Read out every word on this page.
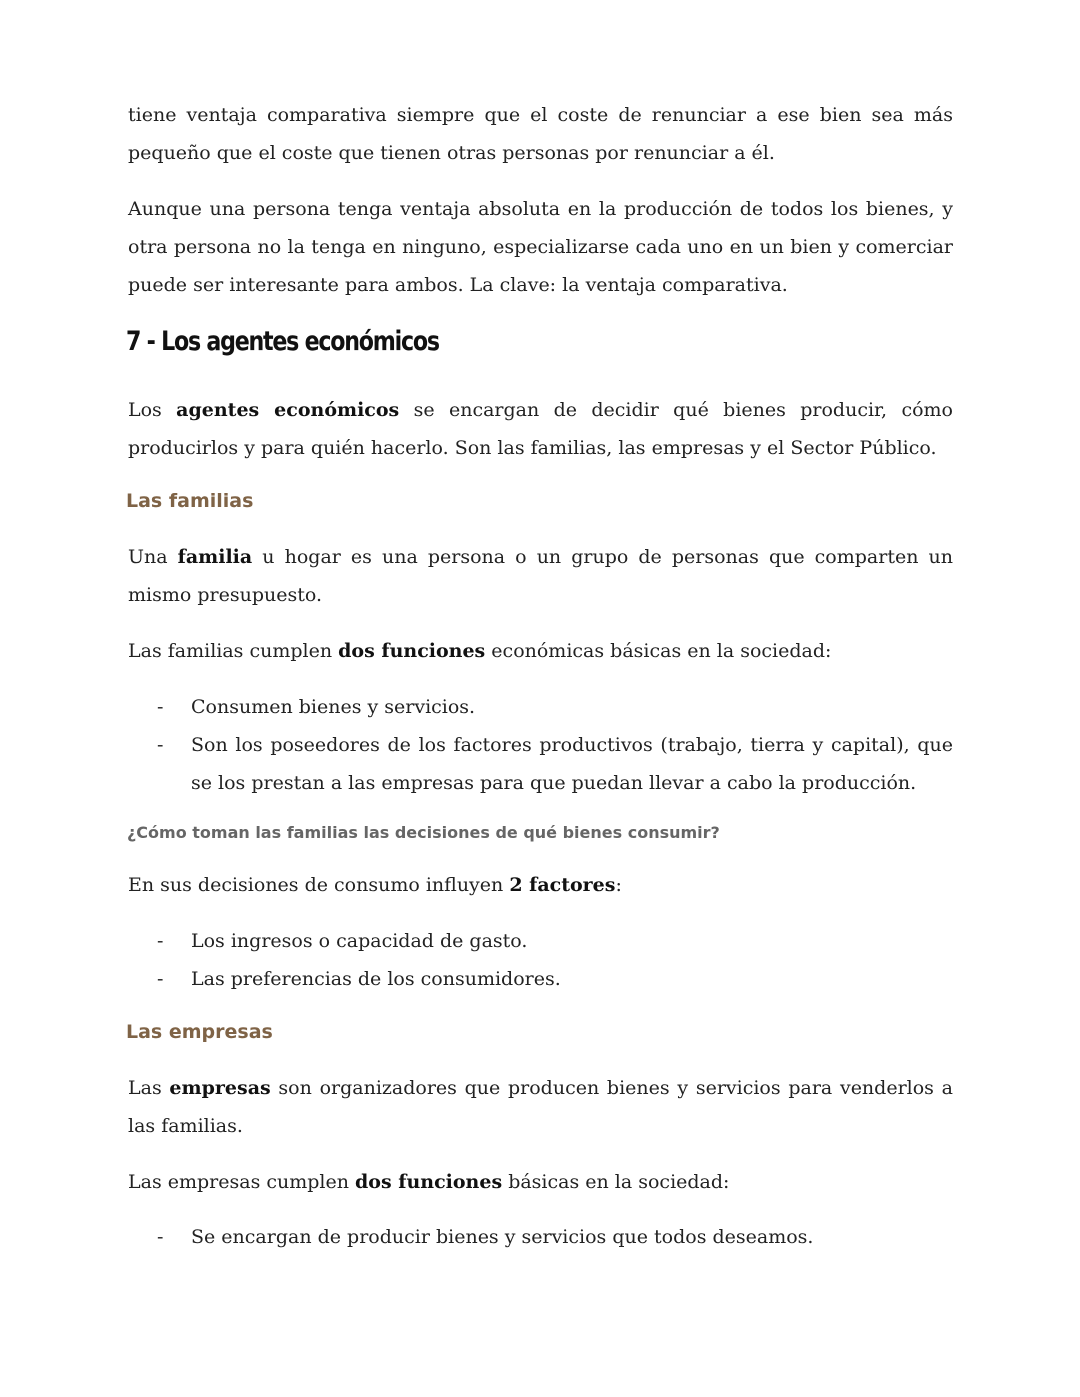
tiene ventaja comparativa siempre que el coste de renunciar a ese bien sea más pequeño que el coste que tienen otras personas por renunciar a él.

Aunque una persona tenga ventaja absoluta en la producción de todos los bienes, y otra persona no la tenga en ninguno, especializarse cada uno en un bien y comerciar puede ser interesante para ambos. La clave: la ventaja comparativa.

7 - Los agentes económicos

Los agentes económicos se encargan de decidir qué bienes producir, cómo producirlos y para quién hacerlo. Son las familias, las empresas y el Sector Público.

Las familias

Una familia u hogar es una persona o un grupo de personas que comparten un mismo presupuesto.

Las familias cumplen dos funciones económicas básicas en la sociedad:

- Consumen bienes y servicios.
- Son los poseedores de los factores productivos (trabajo, tierra y capital), que se los prestan a las empresas para que puedan llevar a cabo la producción.
¿Cómo toman las familias las decisiones de qué bienes consumir?

En sus decisiones de consumo influyen 2 factores:

- Los ingresos o capacidad de gasto.
- Las preferencias de los consumidores.
Las empresas

Las empresas son organizadores que producen bienes y servicios para venderlos a las familias.

Las empresas cumplen dos funciones básicas en la sociedad:

- Se encargan de producir bienes y servicios que todos deseamos.
